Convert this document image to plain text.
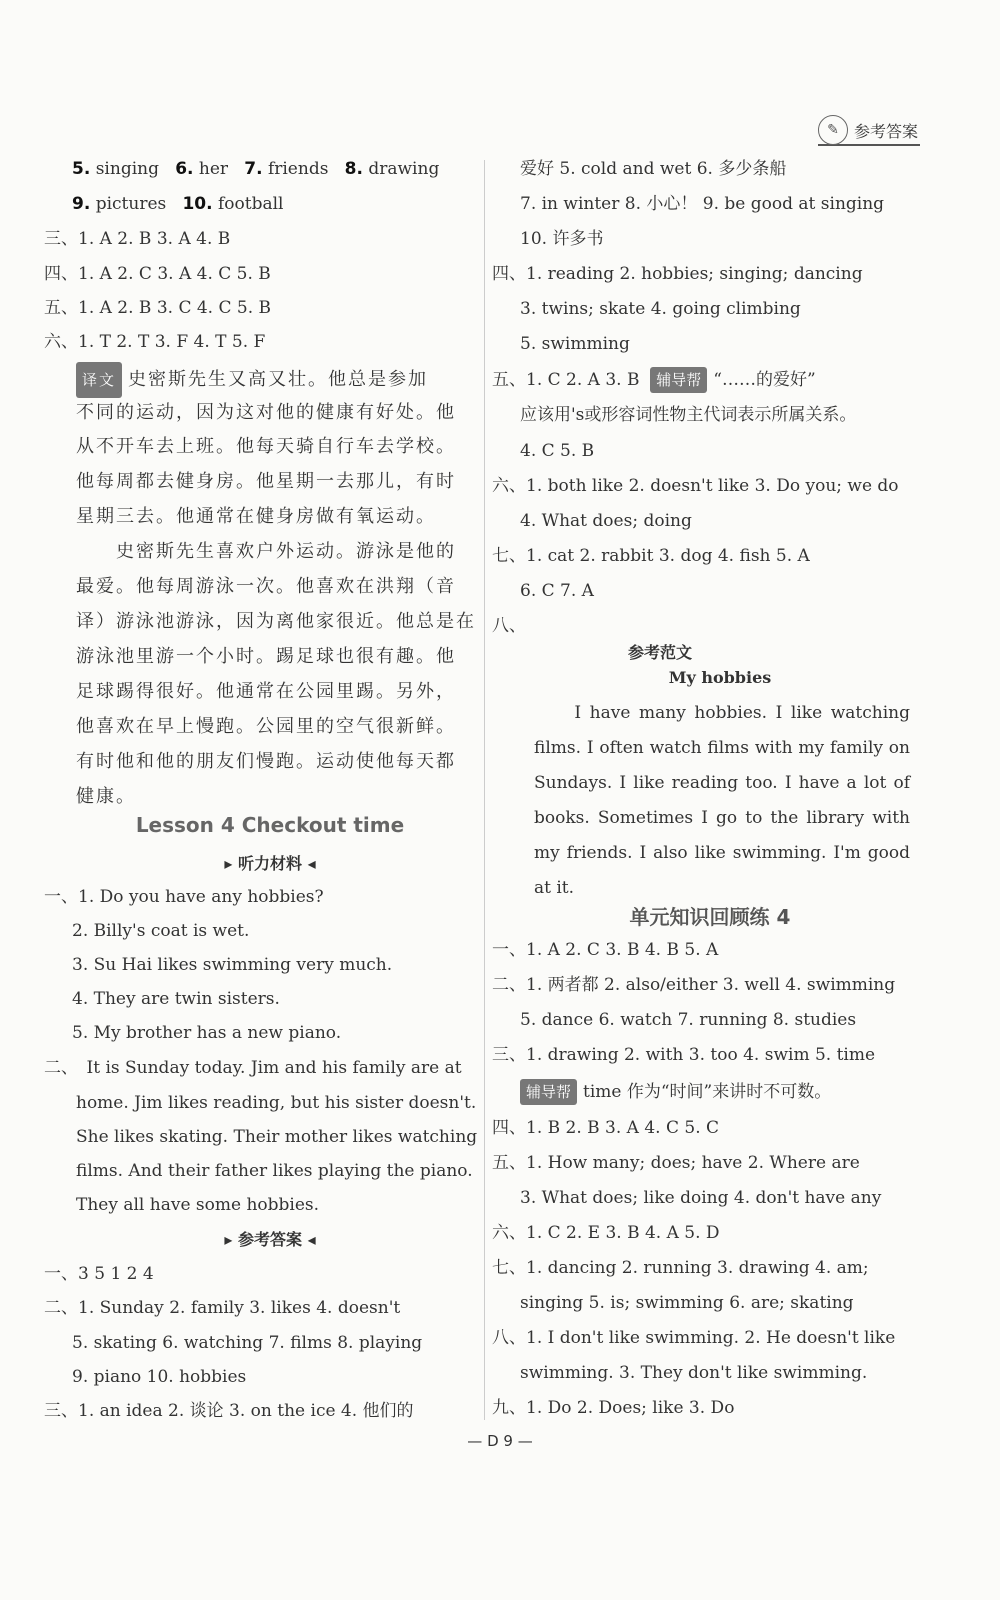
✎ 参考答案
5. singing 6. her 7. friends 8. drawing
9. pictures 10. football
三、1. A 2. B 3. A 4. B
四、1. A 2. C 3. A 4. C 5. B
五、1. A 2. B 3. C 4. C 5. B
六、1. T 2. T 3. F 4. T 5. F
译文 史密斯先生又高又壮。他总是参加
不同的运动，因为这对他的健康有好处。他
从不开车去上班。他每天骑自行车去学校。
他每周都去健身房。他星期一去那儿，有时
星期三去。他通常在健身房做有氧运动。
　　史密斯先生喜欢户外运动。游泳是他的
最爱。他每周游泳一次。他喜欢在洪翔（音
译）游泳池游泳，因为离他家很近。他总是在
游泳池里游一个小时。踢足球也很有趣。他
足球踢得很好。他通常在公园里踢。另外，
他喜欢在早上慢跑。公园里的空气很新鲜。
有时他和他的朋友们慢跑。运动使他每天都
健康。
Lesson 4 Checkout time
▸ 听力材料 ◂
一、1. Do you have any hobbies?
2. Billy's coat is wet.
3. Su Hai likes swimming very much.
4. They are twin sisters.
5. My brother has a new piano.
二、　It is Sunday today. Jim and his family are at
home. Jim likes reading, but his sister doesn't.
She likes skating. Their mother likes watching
films. And their father likes playing the piano.
They all have some hobbies.
▸ 参考答案 ◂
一、3 5 1 2 4
二、1. Sunday 2. family 3. likes 4. doesn't
5. skating 6. watching 7. films 8. playing
9. piano 10. hobbies
三、1. an idea 2. 谈论 3. on the ice 4. 他们的
爱好 5. cold and wet 6. 多少条船
7. in winter 8. 小心！ 9. be good at singing
10. 许多书
四、1. reading 2. hobbies; singing; dancing
3. twins; skate 4. going climbing
5. swimming
五、1. C 2. A 3. B 辅导帮 “……的爱好”
应该用's或形容词性物主代词表示所属关系。
4. C 5. B
六、1. both like 2. doesn't like 3. Do you; we do
4. What does; doing
七、1. cat 2. rabbit 3. dog 4. fish 5. A
6. C 7. A
八、
参考范文
My hobbies
　　I have many hobbies. I like watching films. I often watch films with my family on Sundays. I like reading too. I have a lot of books. Sometimes I go to the library with my friends. I also like swimming. I'm good at it.
单元知识回顾练 4
一、1. A 2. C 3. B 4. B 5. A
二、1. 两者都 2. also/either 3. well 4. swimming
5. dance 6. watch 7. running 8. studies
三、1. drawing 2. with 3. too 4. swim 5. time
辅导帮 time 作为“时间”来讲时不可数。
四、1. B 2. B 3. A 4. C 5. C
五、1. How many; does; have 2. Where are
3. What does; like doing 4. don't have any
六、1. C 2. E 3. B 4. A 5. D
七、1. dancing 2. running 3. drawing 4. am;
singing 5. is; swimming 6. are; skating
八、1. I don't like swimming. 2. He doesn't like
swimming. 3. They don't like swimming.
九、1. Do 2. Does; like 3. Do
— D 9 —
